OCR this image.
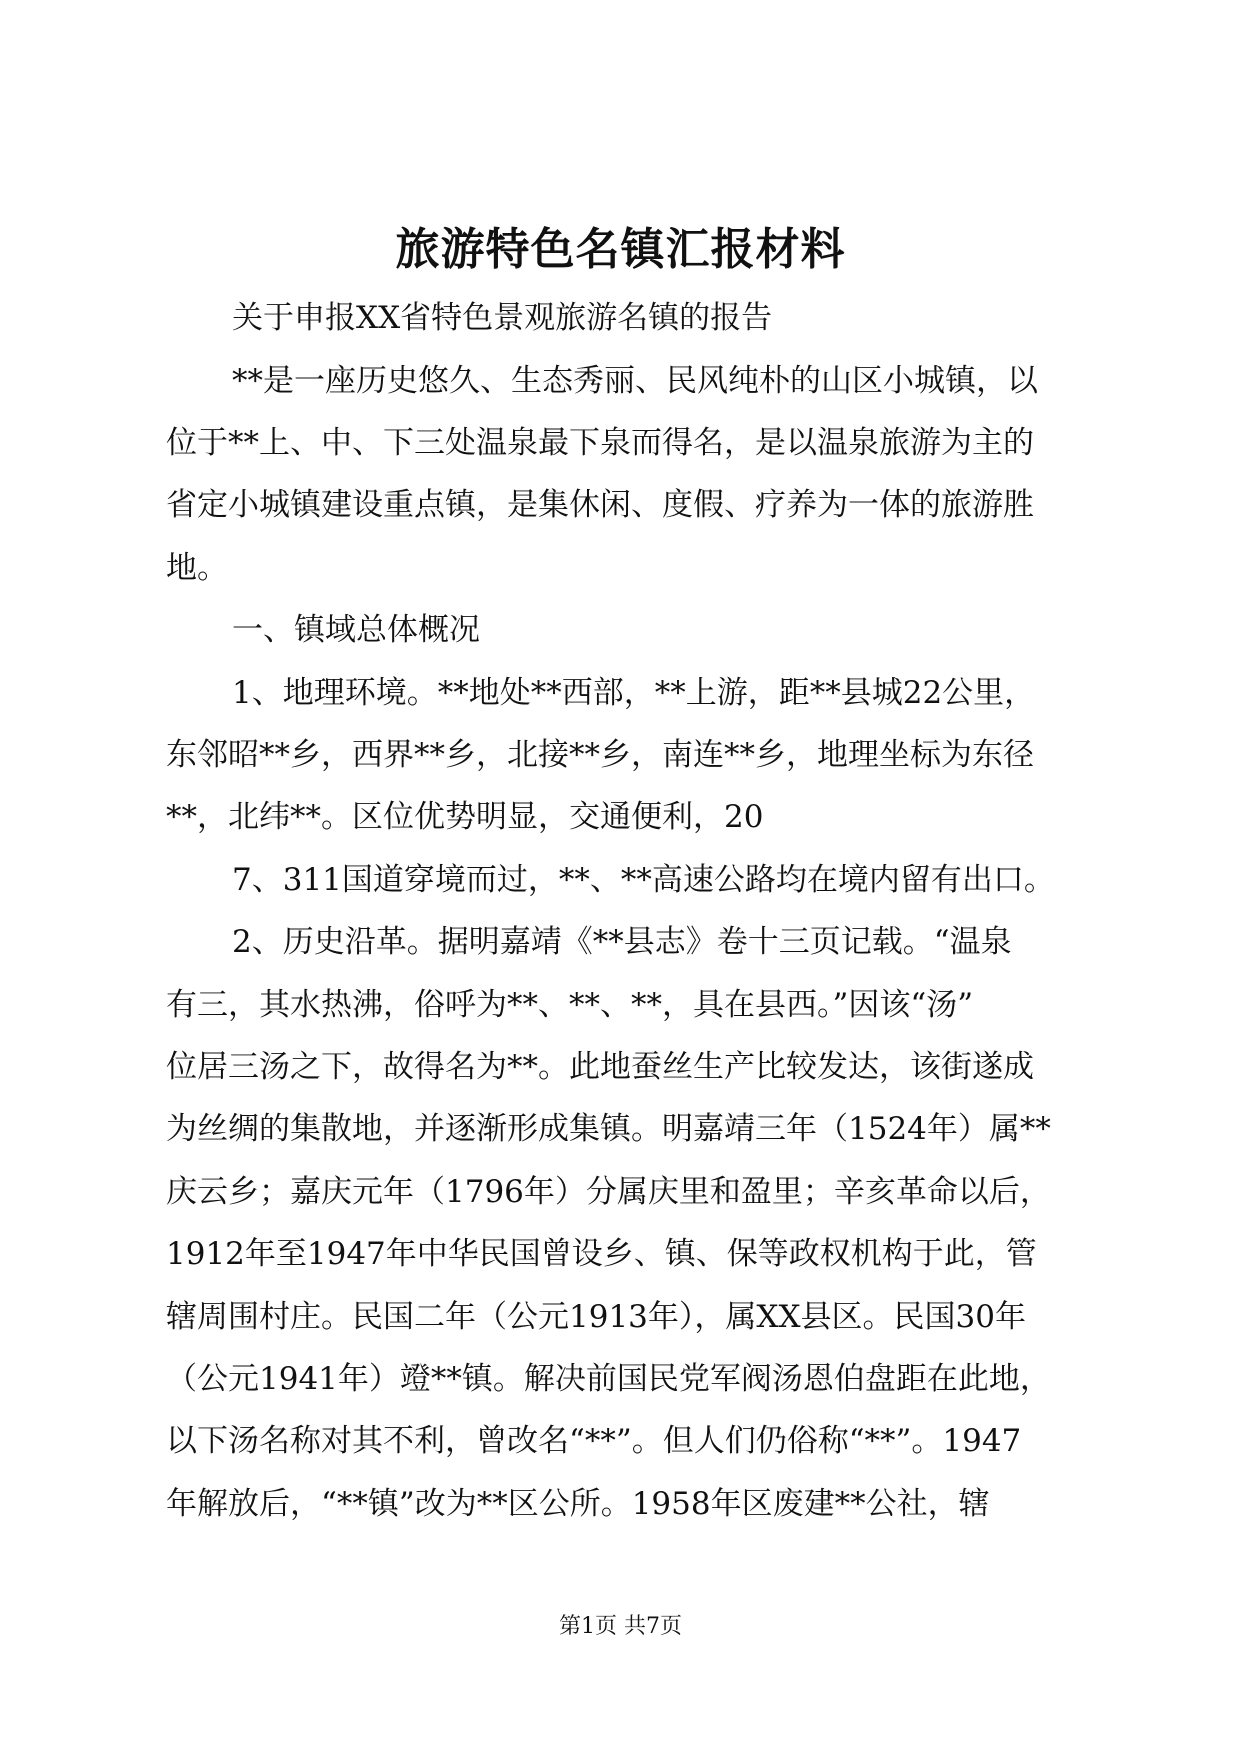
旅游特色名镇汇报材料
关于申报XX省特色景观旅游名镇的报告
**是一座历史悠久、生态秀丽、民风纯朴的山区小城镇，以
位于**上、中、下三处温泉最下泉而得名，是以温泉旅游为主的
省定小城镇建设重点镇，是集休闲、度假、疗养为一体的旅游胜
地。
一、镇域总体概况
1、地理环境。**地处**西部，**上游，距**县城22公里，
东邻昭**乡，西界**乡，北接**乡，南连**乡，地理坐标为东径
**，北纬**。区位优势明显，交通便利，20
7、311国道穿境而过，**、**高速公路均在境内留有出口。
2、历史沿革。据明嘉靖《**县志》卷十三页记载。“温泉
有三，其水热沸，俗呼为**、**、**，具在县西。”因该“汤”
位居三汤之下，故得名为**。此地蚕丝生产比较发达，该街遂成
为丝绸的集散地，并逐渐形成集镇。明嘉靖三年（1524年）属**
庆云乡；嘉庆元年（1796年）分属庆里和盈里；辛亥革命以后，
1912年至1947年中华民国曾设乡、镇、保等政权机构于此，管
辖周围村庄。民国二年（公元1913年），属XX县区。民国30年
（公元1941年）竳**镇。解决前国民党军阀汤恩伯盘距在此地，
以下汤名称对其不利，曾改名“**”。但人们仍俗称“**”。1947
年解放后，“**镇”改为**区公所。1958年区废建**公社，辖
第1页 共7页
